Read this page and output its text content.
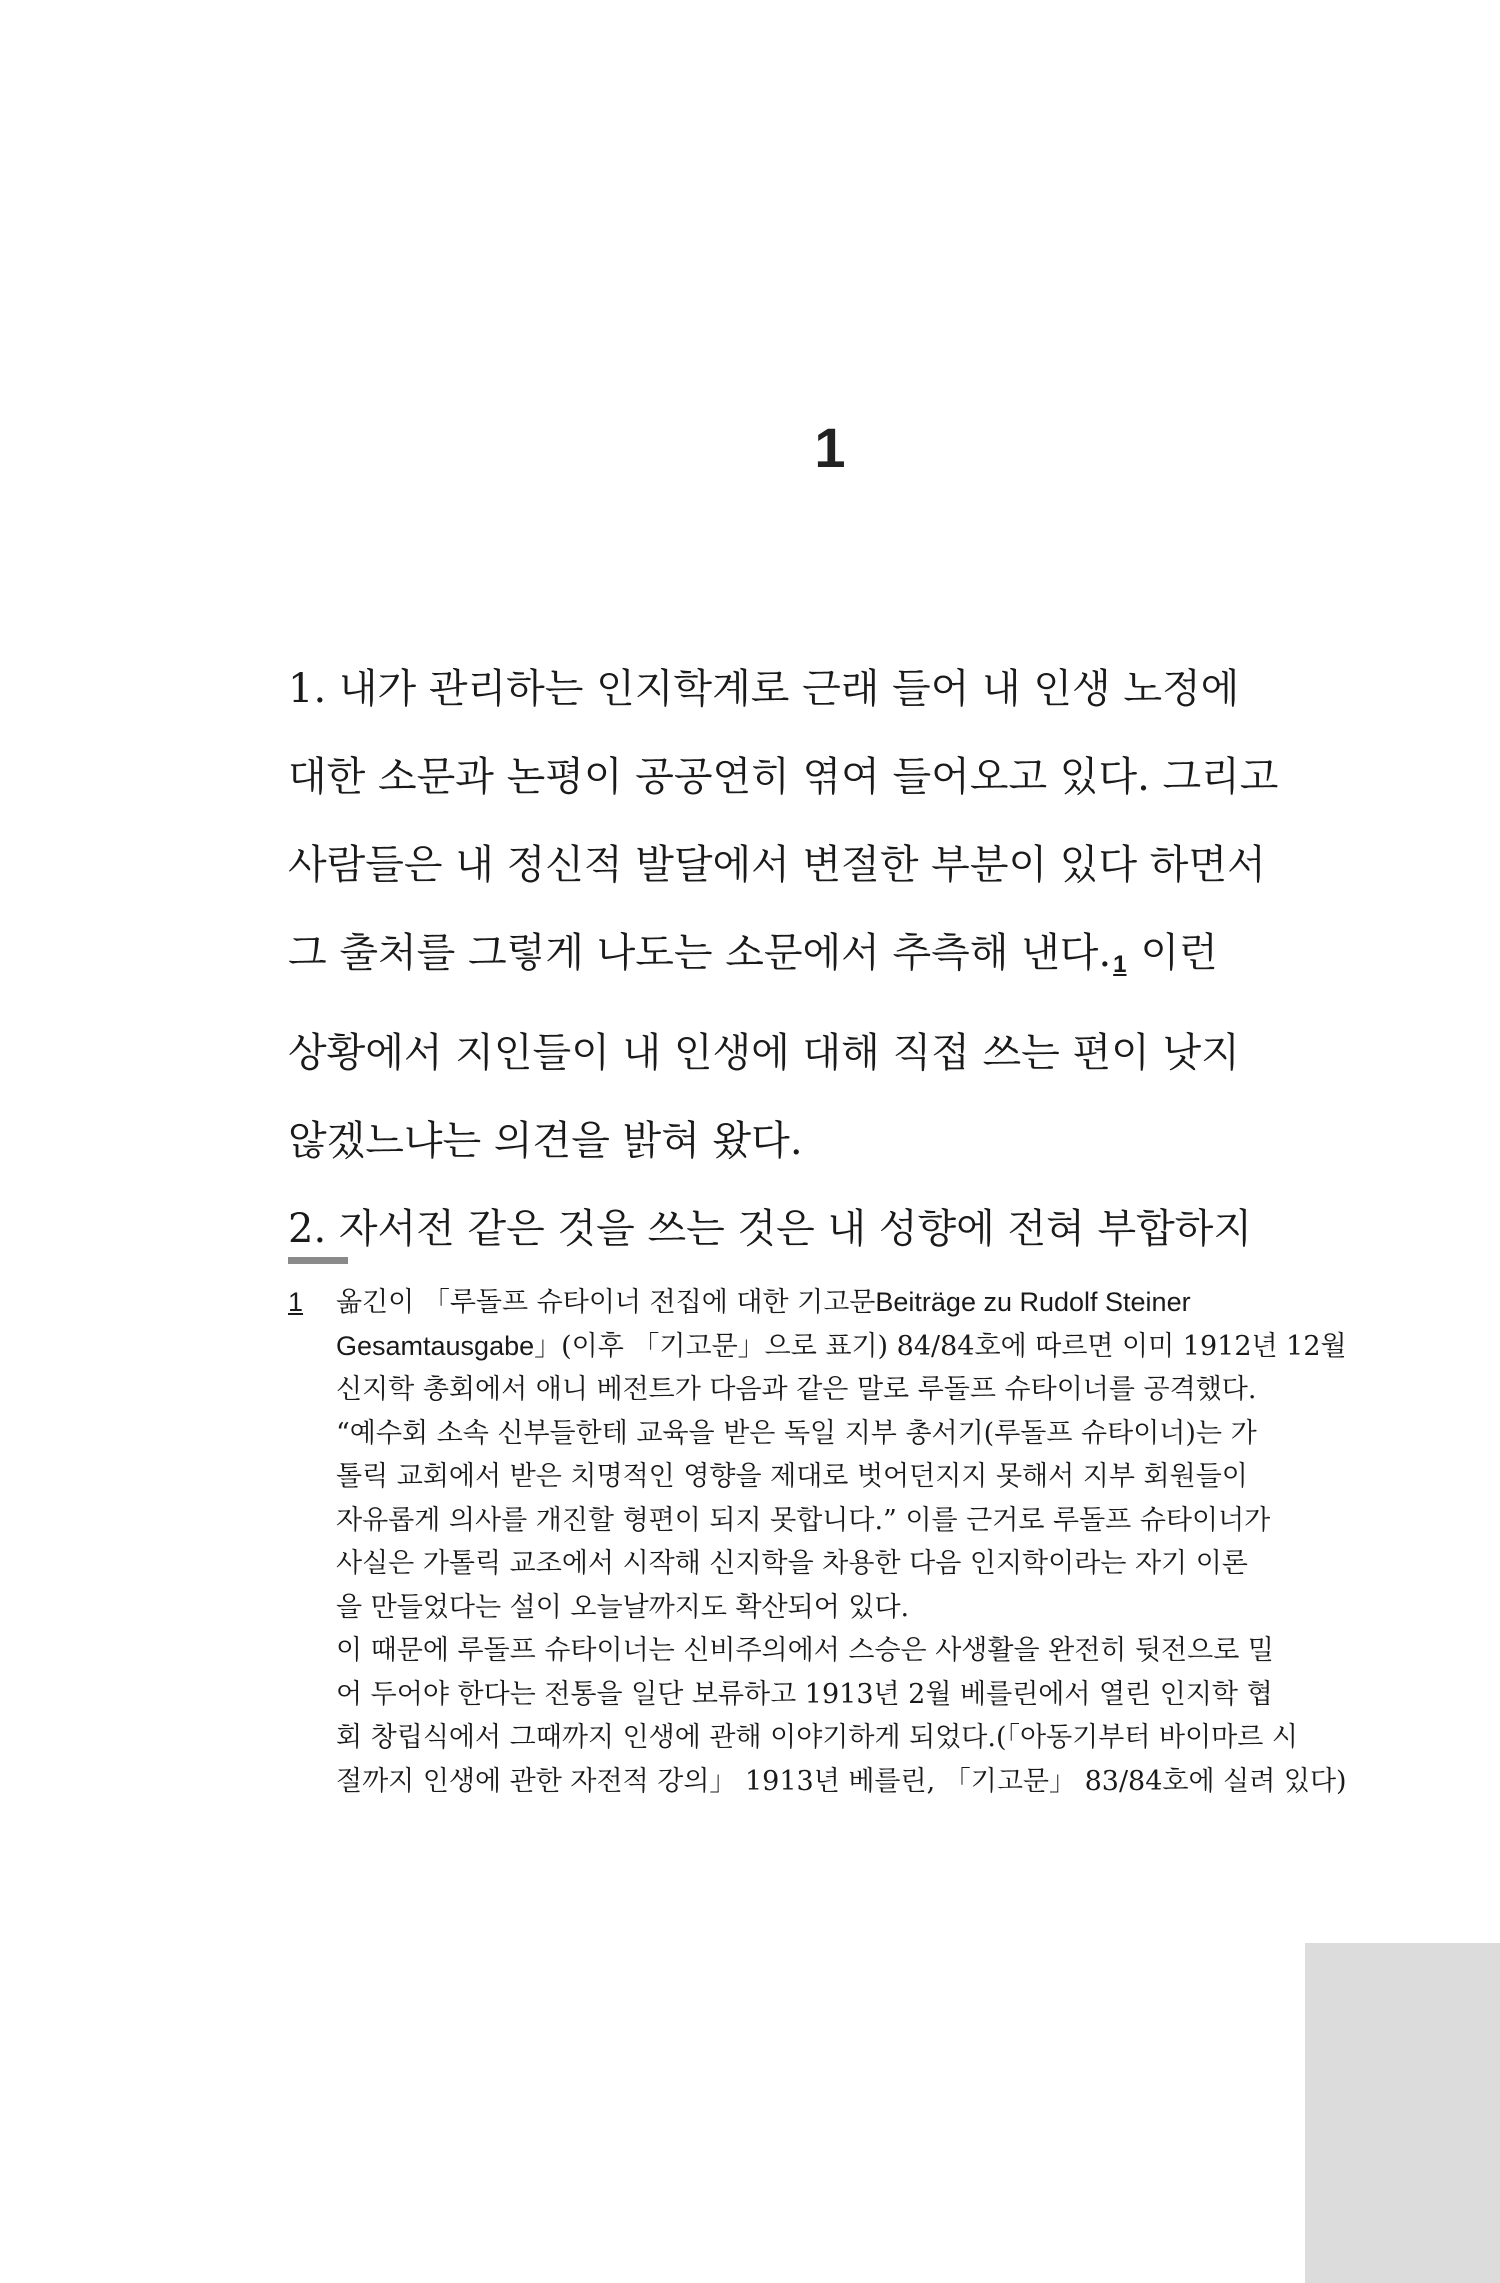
1

1. 내가 관리하는 인지학계로 근래 들어 내 인생 노정에
대한 소문과 논평이 공공연히 엮여 들어오고 있다. 그리고
사람들은 내 정신적 발달에서 변절한 부분이 있다 하면서
그 출처를 그렇게 나도는 소문에서 추측해 낸다.1 이런
상황에서 지인들이 내 인생에 대해 직접 쓰는 편이 낫지
않겠느냐는 의견을 밝혀 왔다.

2. 자서전 같은 것을 쓰는 것은 내 성향에 전혀 부합하지

1 옮긴이 「루돌프 슈타이너 전집에 대한 기고문Beiträge zu Rudolf Steiner
Gesamtausgabe」(이후 「기고문」으로 표기) 84/84호에 따르면 이미 1912년 12월
신지학 총회에서 애니 베전트가 다음과 같은 말로 루돌프 슈타이너를 공격했다.
“예수회 소속 신부들한테 교육을 받은 독일 지부 총서기(루돌프 슈타이너)는 가
톨릭 교회에서 받은 치명적인 영향을 제대로 벗어던지지 못해서 지부 회원들이
자유롭게 의사를 개진할 형편이 되지 못합니다.” 이를 근거로 루돌프 슈타이너가
사실은 가톨릭 교조에서 시작해 신지학을 차용한 다음 인지학이라는 자기 이론
을 만들었다는 설이 오늘날까지도 확산되어 있다.
이 때문에 루돌프 슈타이너는 신비주의에서 스승은 사생활을 완전히 뒷전으로 밀
어 두어야 한다는 전통을 일단 보류하고 1913년 2월 베를린에서 열린 인지학 협
회 창립식에서 그때까지 인생에 관해 이야기하게 되었다.(「아동기부터 바이마르 시
절까지 인생에 관한 자전적 강의」 1913년 베를린, 「기고문」 83/84호에 실려 있다)
